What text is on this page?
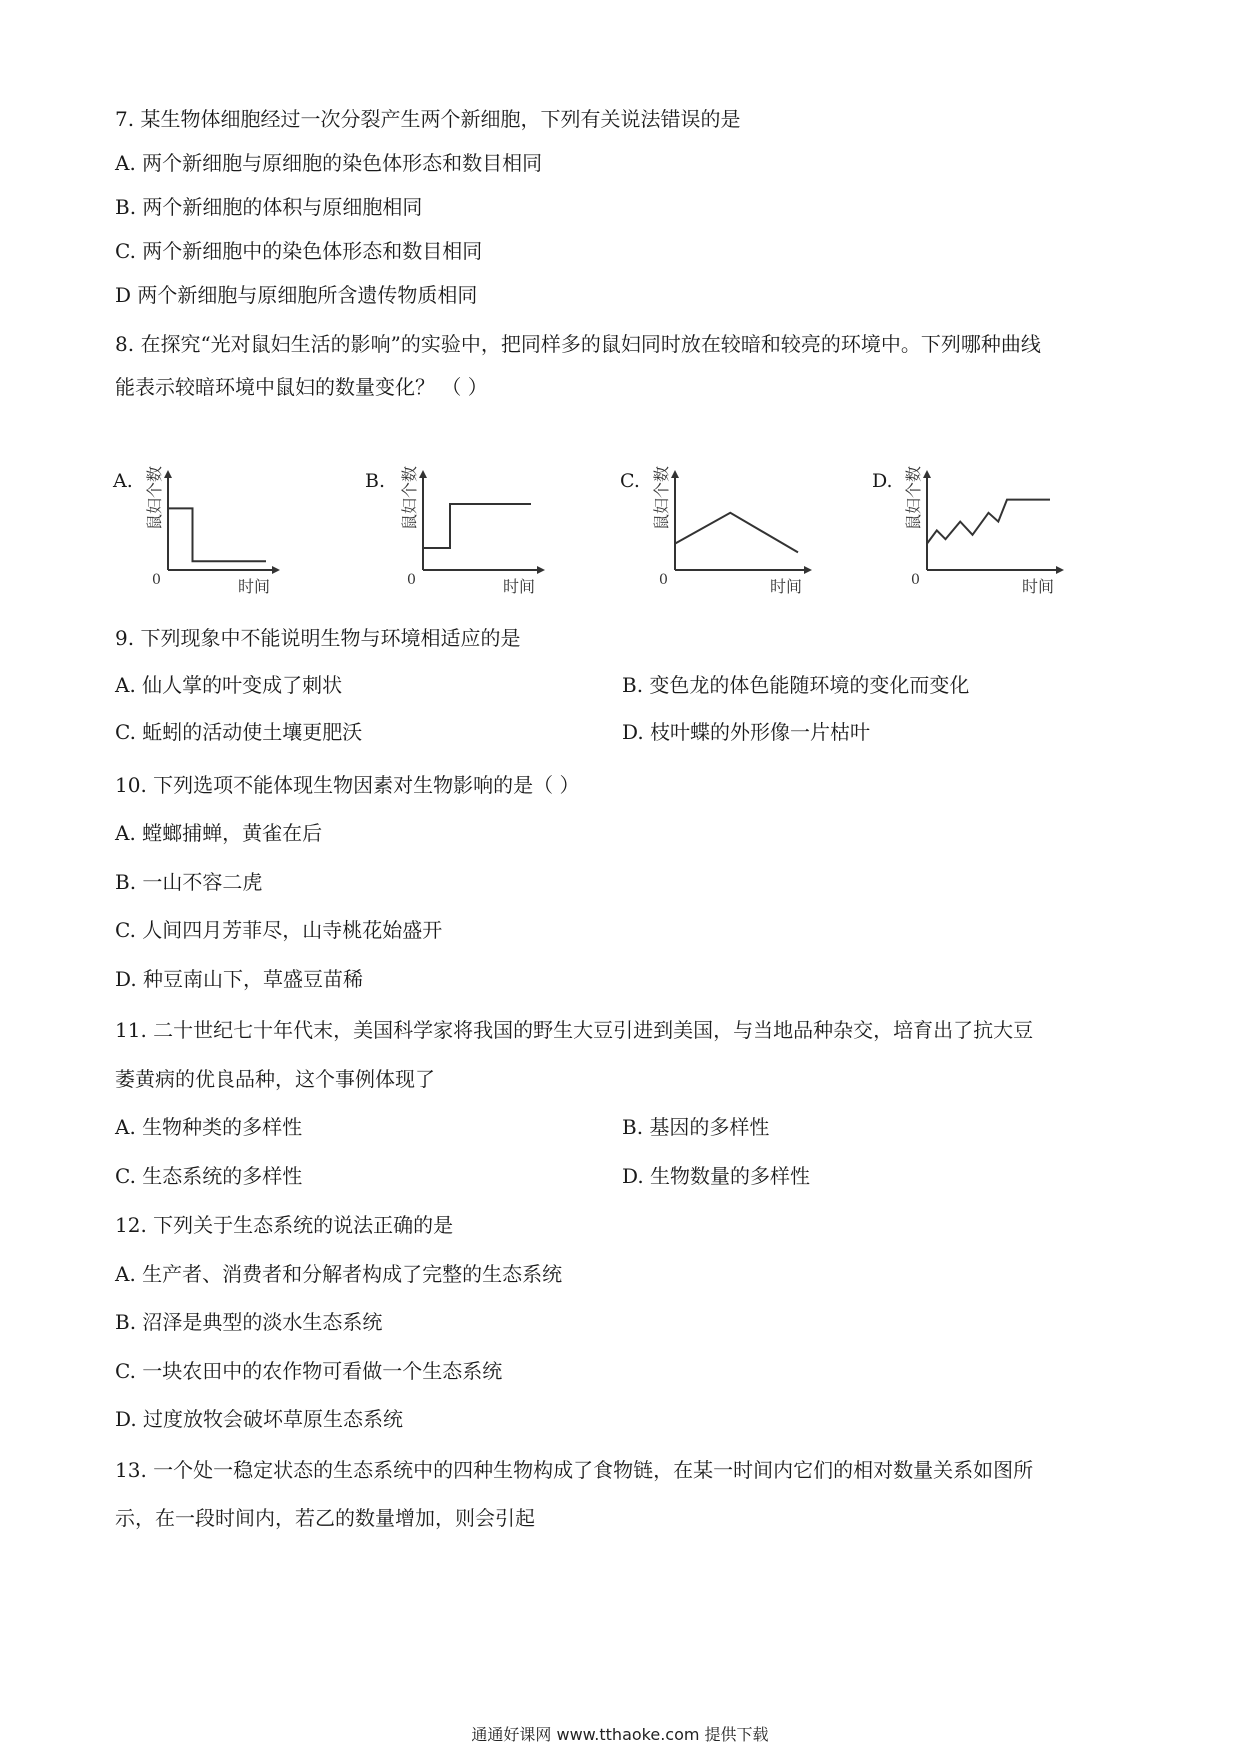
7. 某生物体细胞经过一次分裂产生两个新细胞，下列有关说法错误的是
A. 两个新细胞与原细胞的染色体形态和数目相同
B. 两个新细胞的体积与原细胞相同
C. 两个新细胞中的染色体形态和数目相同
D 两个新细胞与原细胞所含遗传物质相同
8. 在探究“光对鼠妇生活的影响”的实验中，把同样多的鼠妇同时放在较暗和较亮的环境中。下列哪种曲线
能表示较暗环境中鼠妇的数量变化？ （ ）
A.	B.	C.	D.
鼠妇个数
时间
0
鼠妇个数
时间
0
鼠妇个数
时间
0
鼠妇个数
时间
0
9. 下列现象中不能说明生物与环境相适应的是
A. 仙人掌的叶变成了刺状	B. 变色龙的体色能随环境的变化而变化
C. 蚯蚓的活动使土壤更肥沃	D. 枝叶蝶的外形像一片枯叶
10. 下列选项不能体现生物因素对生物影响的是（ ）
A. 螳螂捕蝉，黄雀在后
B. 一山不容二虎
C. 人间四月芳菲尽，山寺桃花始盛开
D. 种豆南山下，草盛豆苗稀
11. 二十世纪七十年代末，美国科学家将我国的野生大豆引进到美国，与当地品种杂交，培育出了抗大豆
萎黄病的优良品种，这个事例体现了
A. 生物种类的多样性	B. 基因的多样性
C. 生态系统的多样性	D. 生物数量的多样性
12. 下列关于生态系统的说法正确的是
A. 生产者、消费者和分解者构成了完整的生态系统
B. 沼泽是典型的淡水生态系统
C. 一块农田中的农作物可看做一个生态系统
D. 过度放牧会破坏草原生态系统
13. 一个处一稳定状态的生态系统中的四种生物构成了食物链，在某一时间内它们的相对数量关系如图所
示，在一段时间内，若乙的数量增加，则会引起
通通好课网 www.tthaoke.com 提供下载
